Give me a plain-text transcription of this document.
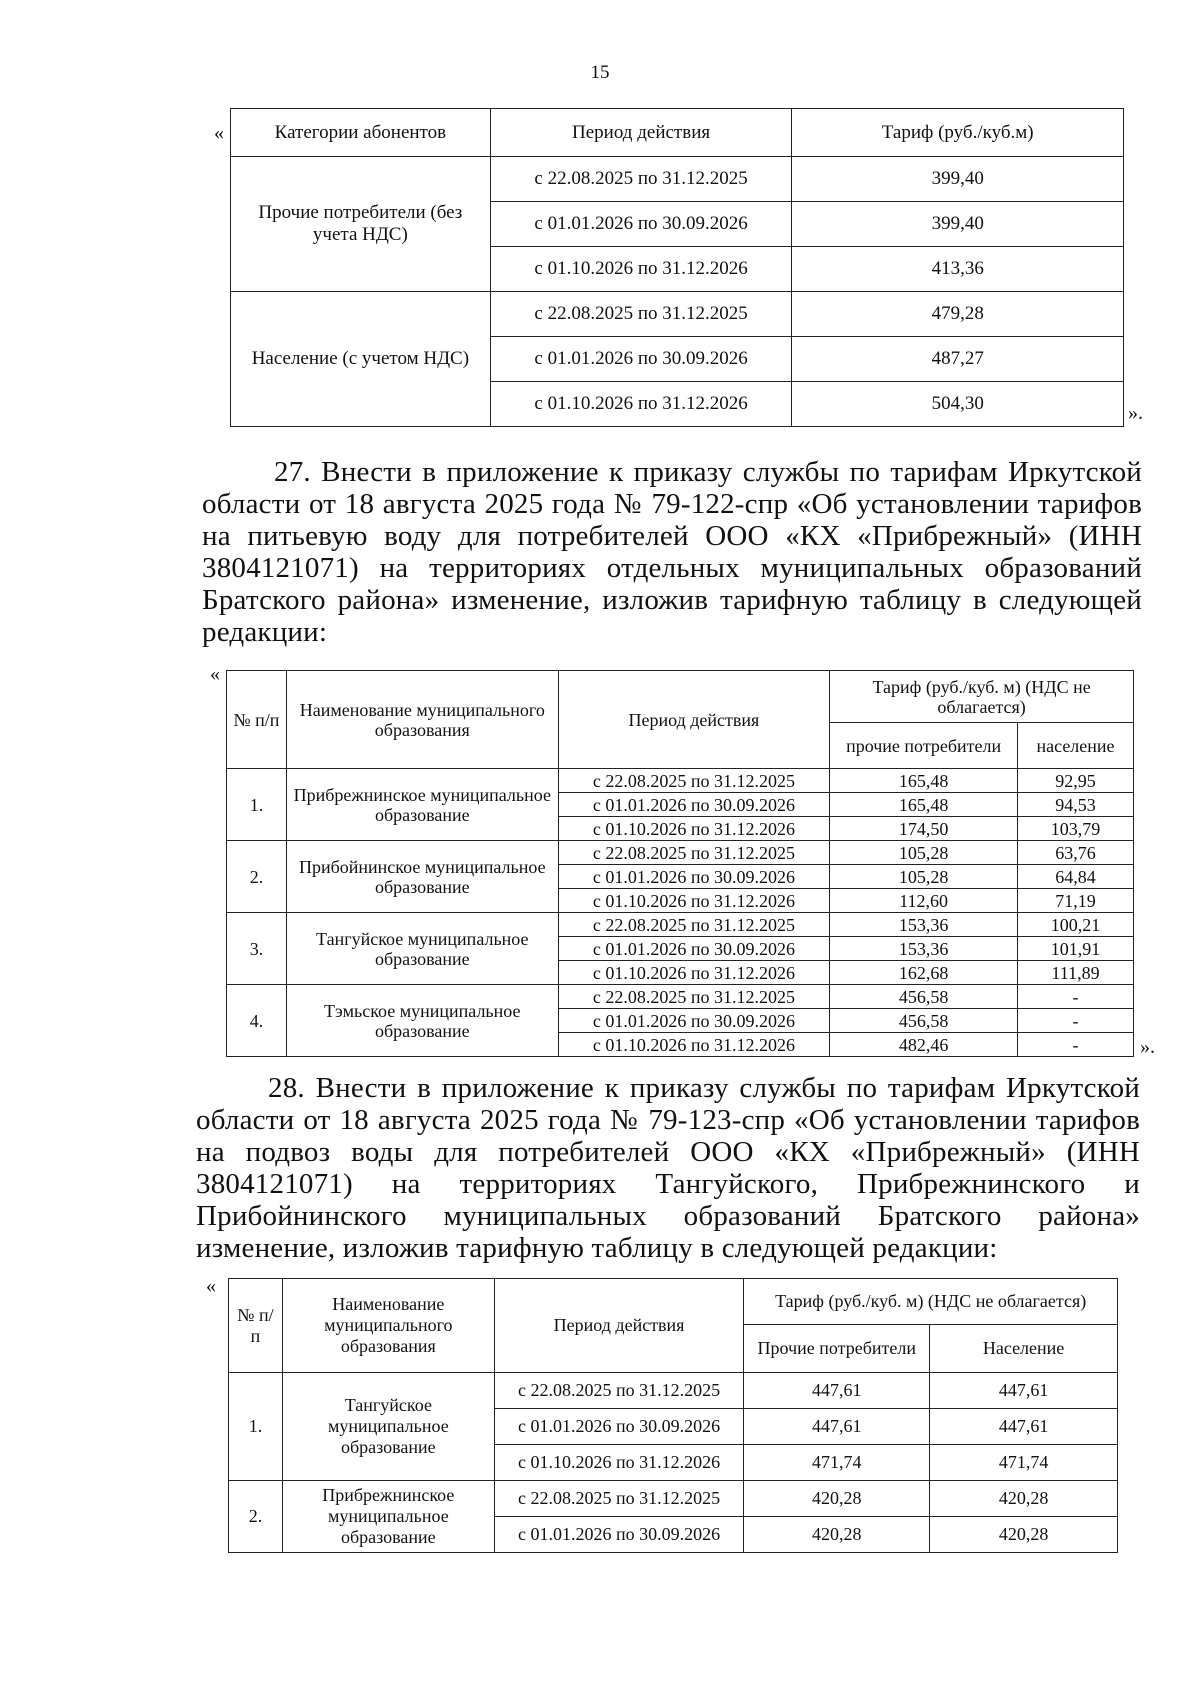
15
«	Категории абонентов	Период действия	Тариф (руб./куб.м)
Прочие потребители (без учета НДС)	с 22.08.2025 по 31.12.2025	399,40
	с 01.01.2026 по 30.09.2026	399,40
	с 01.10.2026 по 31.12.2026	413,36
Население (с учетом НДС)	с 22.08.2025 по 31.12.2025	479,28
	с 01.01.2026 по 30.09.2026	487,27
	с 01.10.2026 по 31.12.2026	504,30	».
27. Внести в приложение к приказу службы по тарифам Иркутской области от 18 августа 2025 года № 79-122-спр «Об установлении тарифов на питьевую воду для потребителей ООО «КХ «Прибрежный» (ИНН 3804121071) на территориях отдельных муниципальных образований Братского района» изменение, изложив тарифную таблицу в следующей редакции:
«
№ п/п	Наименование муниципального образования	Период действия	Тариф (руб./куб. м) (НДС не облагается)	
			прочие потребители	население
1.	Прибрежнинское муниципальное образование	с 22.08.2025 по 31.12.2025	165,48	92,95
		с 01.01.2026 по 30.09.2026	165,48	94,53
		с 01.10.2026 по 31.12.2026	174,50	103,79
2.	Прибойнинское муниципальное образование	с 22.08.2025 по 31.12.2025	105,28	63,76
		с 01.01.2026 по 30.09.2026	105,28	64,84
		с 01.10.2026 по 31.12.2026	112,60	71,19
3.	Тангуйское муниципальное образование	с 22.08.2025 по 31.12.2025	153,36	100,21
		с 01.01.2026 по 30.09.2026	153,36	101,91
		с 01.10.2026 по 31.12.2026	162,68	111,89
4.	Тэмьское муниципальное образование	с 22.08.2025 по 31.12.2025	456,58	-
		с 01.01.2026 по 30.09.2026	456,58	-
		с 01.10.2026 по 31.12.2026	482,46	-	».
28. Внести в приложение к приказу службы по тарифам Иркутской области от 18 августа 2025 года № 79-123-спр «Об установлении тарифов на подвоз воды для потребителей ООО «КХ «Прибрежный» (ИНН 3804121071) на территориях Тангуйского, Прибрежнинского и Прибойнинского муниципальных образований Братского района» изменение, изложив тарифную таблицу в следующей редакции:
«
№ п/п	Наименование муниципального образования	Период действия	Тариф (руб./куб. м) (НДС не облагается)	
			Прочие потребители	Население
1.	Тангуйское муниципальное образование	с 22.08.2025 по 31.12.2025	447,61	447,61
		с 01.01.2026 по 30.09.2026	447,61	447,61
		с 01.10.2026 по 31.12.2026	471,74	471,74
2.	Прибрежнинское муниципальное образование	с 22.08.2025 по 31.12.2025	420,28	420,28
		с 01.01.2026 по 30.09.2026	420,28	420,28
